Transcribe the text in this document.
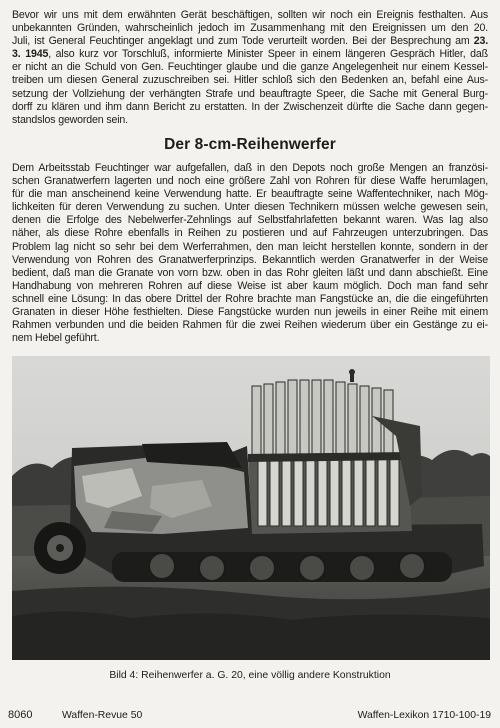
Bevor wir uns mit dem erwähnten Gerät beschäftigen, sollten wir noch ein Ereignis festhalten. Aus
unbekannten Gründen, wahrscheinlich jedoch im Zusammenhang mit den Ereignissen um den 20.
Juli, ist General Feuchtinger angeklagt und zum Tode verurteilt worden. Bei der Besprechung am 23.
3. 1945, also kurz vor Torschluß, informierte Minister Speer in einem längeren Gespräch Hitler, daß
er nicht an die Schuld von Gen. Feuchtinger glaube und die ganze Angelegenheit nur einem Kessel-
treiben um diesen General zuzuschreiben sei. Hitler schloß sich den Bedenken an, befahl eine Aus-
setzung der Vollziehung der verhängten Strafe und beauftragte Speer, die Sache mit General Burg-
dorff zu klären und ihm dann Bericht zu erstatten. In der Zwischenzeit dürfte die Sache dann gegen-
standslos geworden sein.
Der 8-cm-Reihenwerfer
Dem Arbeitsstab Feuchtinger war aufgefallen, daß in den Depots noch große Mengen an französi-
schen Granatwerfern lagerten und noch eine größere Zahl von Rohren für diese Waffe herumlagen,
für die man anscheinend keine Verwendung hatte. Er beauftragte seine Waffentechniker, nach Mög-
lichkeiten für deren Verwendung zu suchen. Unter diesen Technikern müssen welche gewesen sein,
denen die Erfolge des Nebelwerfer-Zehnlings auf Selbstfahrlafetten bekannt waren. Was lag also
näher, als diese Rohre ebenfalls in Reihen zu postieren und auf Fahrzeugen unterzubringen. Das
Problem lag nicht so sehr bei dem Werferrahmen, den man leicht herstellen konnte, sondern in der
Verwendung von Rohren des Granatwerferprinzips. Bekanntlich werden Granatwerfer in der Weise
bedient, daß man die Granate von vorn bzw. oben in das Rohr gleiten läßt und dann abschießt. Eine
Handhabung von mehreren Rohren auf diese Weise ist aber kaum möglich. Doch man fand sehr
schnell eine Lösung: In das obere Drittel der Rohre brachte man Fangstücke an, die die eingeführten
Granaten in dieser Höhe festhielten. Diese Fangstücke wurden nun jeweils in einer Reihe mit einem
Rahmen verbunden und die beiden Rahmen für die zwei Reihen wiederum über ein Gestänge zu ei-
nem Hebel geführt.
Bild 4: Reihenwerfer a. G. 20, eine völlig andere Konstruktion
8060	Waffen-Revue 50	Waffen-Lexikon 1710-100-19
